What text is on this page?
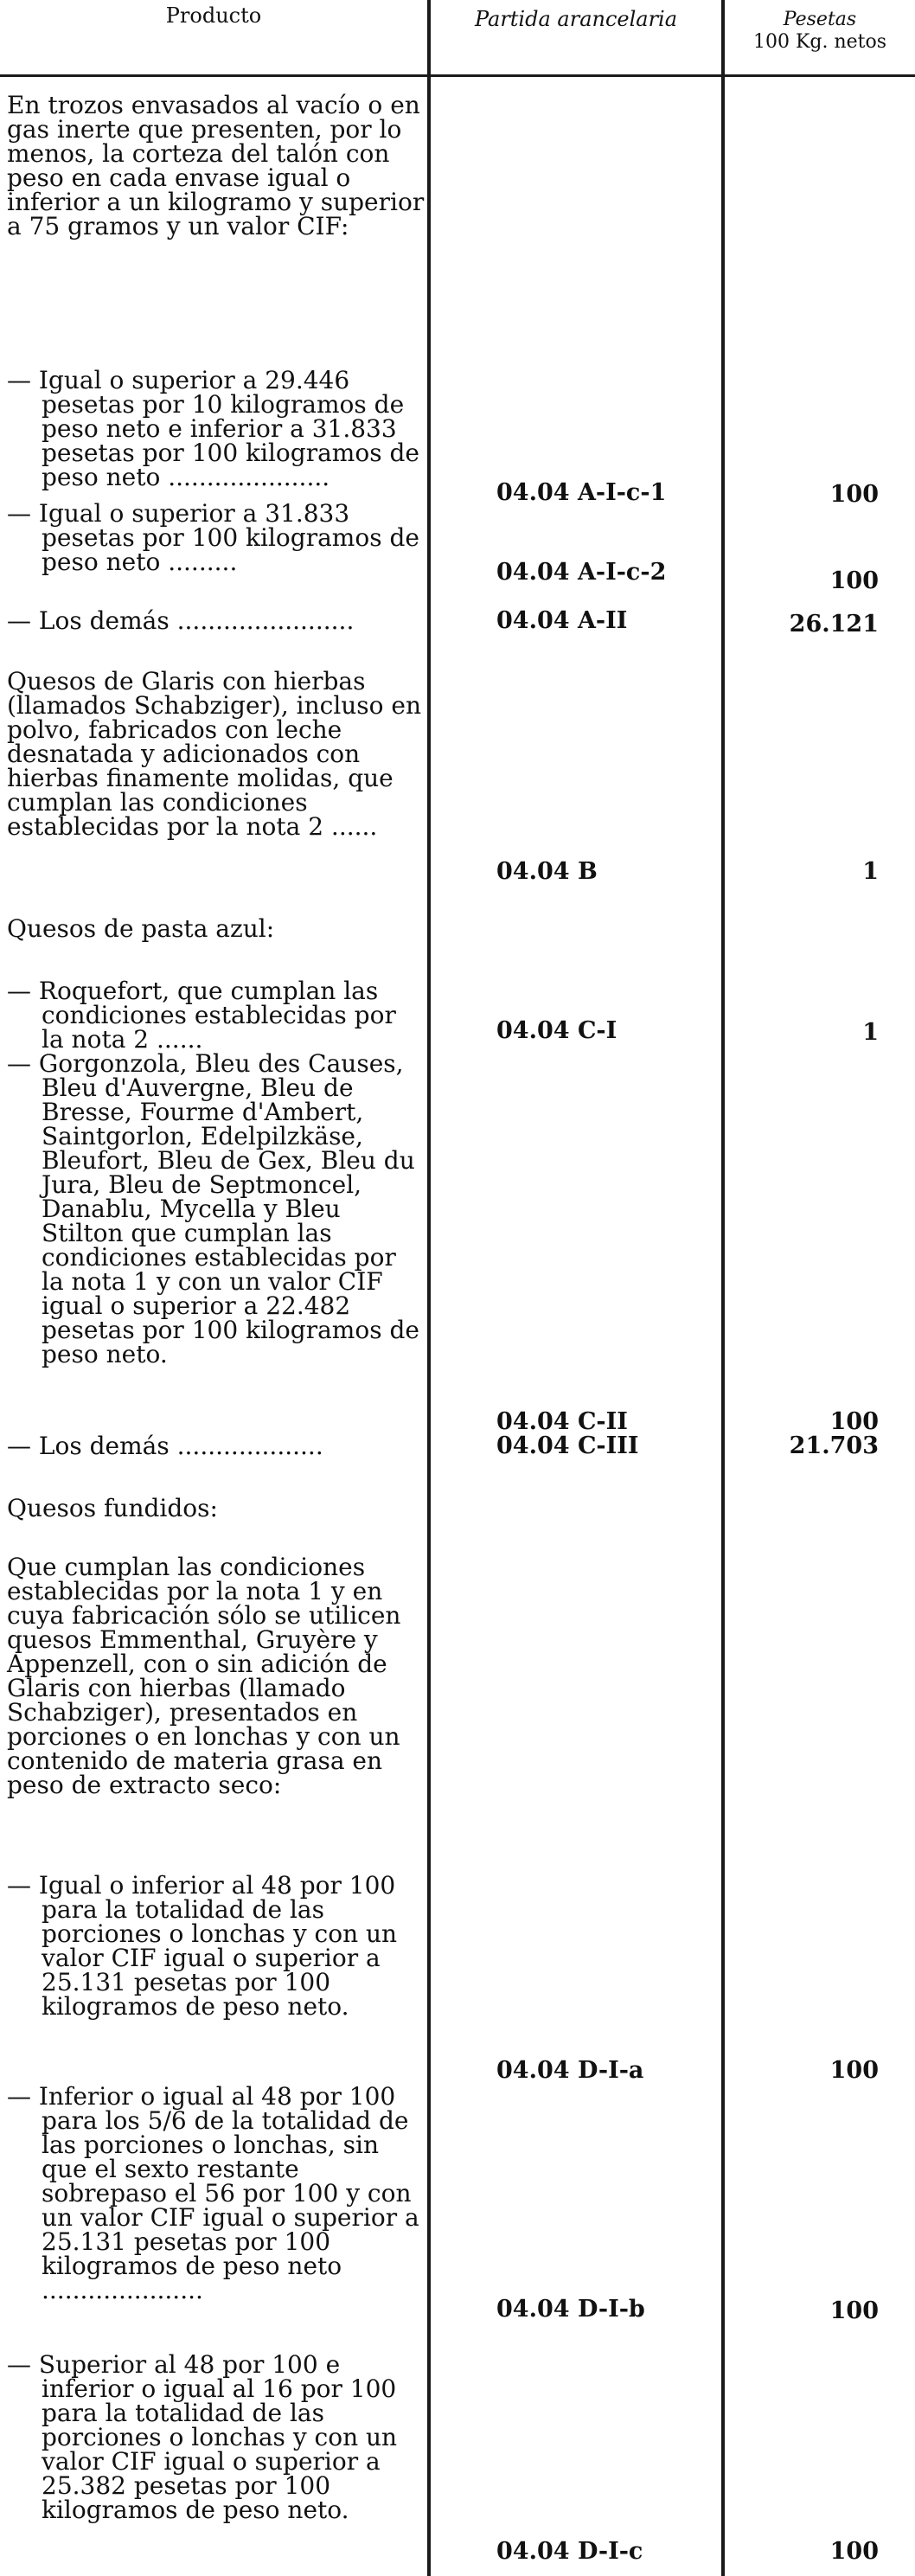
Producto	Partida arancelaria	Pesetas
100 Kg. netos
En trozos envasados al vacío o en gas inerte que presenten, por lo menos, la corteza del talón con peso en cada envase igual o inferior a un kilogramo y superior a 75 gramos y un valor CIF:
— Igual o superior a 29.446 pesetas por 10 kilogramos de peso neto e inferior a 31.833 pesetas por 100 kilogramos de peso neto .....................
04.04 A-I-c-1	100
— Igual o superior a 31.833 pesetas por 100 kilogramos de peso neto .........	04.04 A-I-c-2	100
— Los demás .......................	04.04 A-II	26.121
Quesos de Glaris con hierbas (llamados Schabziger), incluso en polvo, fabricados con leche desnatada y adicionados con hierbas finamente molidas, que cumplan las condiciones establecidas por la nota 2 ......
04.04 B	1
Quesos de pasta azul:
— Roquefort, que cumplan las condiciones establecidas por la nota 2 ......	04.04 C-I	1
— Gorgonzola, Bleu des Causes, Bleu d'Auvergne, Bleu de Bresse, Fourme d'Ambert, Saintgorlon, Edelpilzkäse, Bleufort, Bleu de Gex, Bleu du Jura, Bleu de Septmoncel, Danablu, Mycella y Bleu Stilton que cumplan las condiciones establecidas por la nota 1 y con un valor CIF igual o superior a 22.482 pesetas por 100 kilogramos de peso neto.
04.04 C-II	100
— Los demás ...................	04.04 C-III	21.703
Quesos fundidos:
Que cumplan las condiciones establecidas por la nota 1 y en cuya fabricación sólo se utilicen quesos Emmenthal, Gruyère y Appenzell, con o sin adición de Glaris con hierbas (llamado Schabziger), presentados en porciones o en lonchas y con un contenido de materia grasa en peso de extracto seco:
— Igual o inferior al 48 por 100 para la totalidad de las porciones o lonchas y con un valor CIF igual o superior a 25.131 pesetas por 100 kilogramos de peso neto.
04.04 D-I-a	100
— Inferior o igual al 48 por 100 para los 5/6 de la totalidad de las porciones o lonchas, sin que el sexto restante sobrepaso el 56 por 100 y con un valor CIF igual o superior a 25.131 pesetas por 100 kilogramos de peso neto .....................
04.04 D-I-b	100
— Superior al 48 por 100 e inferior o igual al 16 por 100 para la totalidad de las porciones o lonchas y con un valor CIF igual o superior a 25.382 pesetas por 100 kilogramos de peso neto.
04.04 D-I-c	100
